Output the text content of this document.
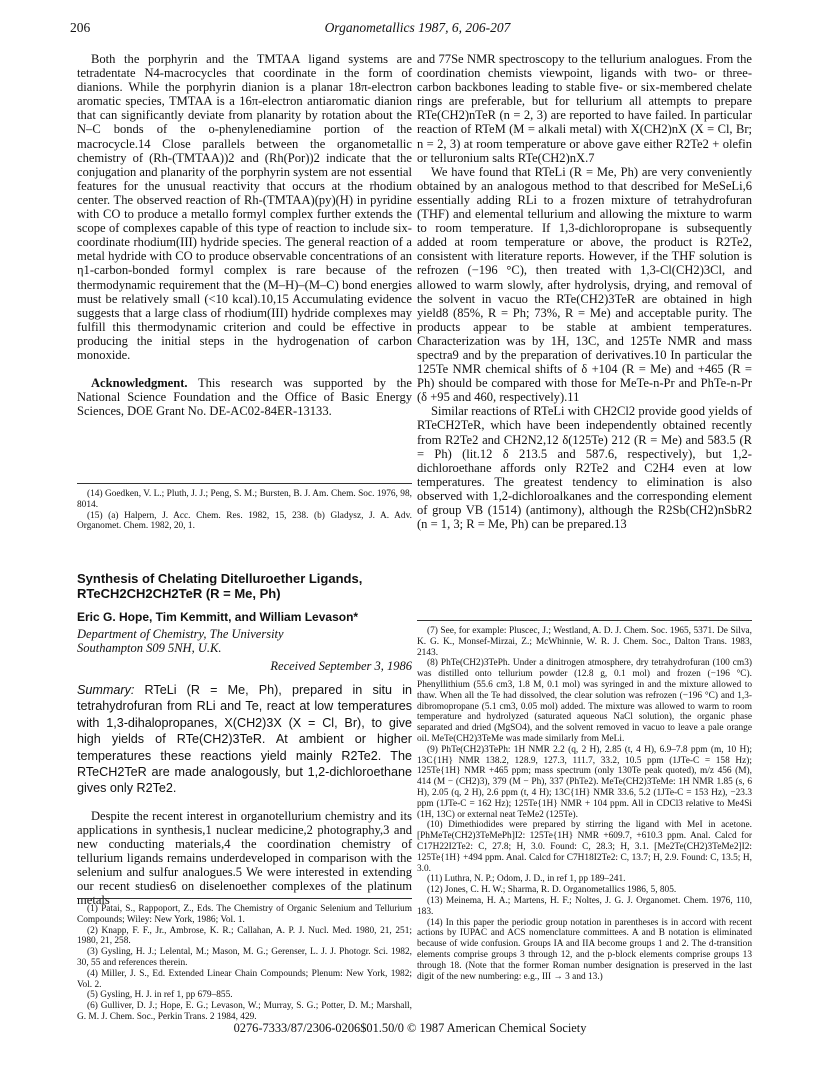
206	Organometallics 1987, 6, 206-207

Both the porphyrin and the TMTAA ligand systems are tetradentate N4-macrocycles that coordinate in the form of dianions. While the porphyrin dianion is a planar 18π-electron aromatic species, TMTAA is a 16π-electron antiaromatic dianion that can significantly deviate from planarity by rotation about the N–C bonds of the o-phenylenediamine portion of the macrocycle.14 Close parallels between the organometallic chemistry of (Rh-(TMTAA))2 and (Rh(Por))2 indicate that the conjugation and planarity of the porphyrin system are not essential features for the unusual reactivity that occurs at the rhodium center. The observed reaction of Rh-(TMTAA)(py)(H) in pyridine with CO to produce a metallo formyl complex further extends the scope of complexes capable of this type of reaction to include six-coordinate rhodium(III) hydride species. The general reaction of a metal hydride with CO to produce observable concentrations of an η1-carbon-bonded formyl complex is rare because of the thermodynamic requirement that the (M–H)–(M–C) bond energies must be relatively small (<10 kcal).10,15 Accumulating evidence suggests that a large class of rhodium(III) hydride complexes may fulfill this thermodynamic criterion and could be effective in producing the initial steps in the hydrogenation of carbon monoxide.

Acknowledgment. This research was supported by the National Science Foundation and the Office of Basic Energy Sciences, DOE Grant No. DE-AC02-84ER-13133.

(14) Goedken, V. L.; Pluth, J. J.; Peng, S. M.; Bursten, B. J. Am. Chem. Soc. 1976, 98, 8014.

(15) (a) Halpern, J. Acc. Chem. Res. 1982, 15, 238. (b) Gladysz, J. A. Adv. Organomet. Chem. 1982, 20, 1.

Synthesis of Chelating Ditelluroether Ligands, RTeCH2CH2CH2TeR (R = Me, Ph)

Eric G. Hope, Tim Kemmitt, and William Levason*

Department of Chemistry, The University

Southampton S09 5NH, U.K.

Received September 3, 1986

Summary: RTeLi (R = Me, Ph), prepared in situ in tetrahydrofuran from RLi and Te, react at low temperatures with 1,3-dihalopropanes, X(CH2)3X (X = Cl, Br), to give high yields of RTe(CH2)3TeR. At ambient or higher temperatures these reactions yield mainly R2Te2. The RTeCH2TeR are made analogously, but 1,2-dichloroethane gives only R2Te2.

Despite the recent interest in organotellurium chemistry and its applications in synthesis,1 nuclear medicine,2 photography,3 and new conducting materials,4 the coordination chemistry of tellurium ligands remains underdeveloped in comparison with the selenium and sulfur analogues.5 We were interested in extending our recent studies6 on diselenoether complexes of the platinum metals

(1) Patai, S., Rappoport, Z., Eds. The Chemistry of Organic Selenium and Tellurium Compounds; Wiley: New York, 1986; Vol. 1.

(2) Knapp, F. F., Jr., Ambrose, K. R.; Callahan, A. P. J. Nucl. Med. 1980, 21, 251; 1980, 21, 258.

(3) Gysling, H. J.; Lelental, M.; Mason, M. G.; Gerenser, L. J. J. Photogr. Sci. 1982, 30, 55 and references therein.

(4) Miller, J. S., Ed. Extended Linear Chain Compounds; Plenum: New York, 1982; Vol. 2.

(5) Gysling, H. J. in ref 1, pp 679–855.

(6) Gulliver, D. J.; Hope, E. G.; Levason, W.; Murray, S. G.; Potter, D. M.; Marshall, G. M. J. Chem. Soc., Perkin Trans. 2 1984, 429.

and 77Se NMR spectroscopy to the tellurium analogues. From the coordination chemists viewpoint, ligands with two- or three-carbon backbones leading to stable five- or six-membered chelate rings are preferable, but for tellurium all attempts to prepare RTe(CH2)nTeR (n = 2, 3) are reported to have failed. In particular reaction of RTeM (M = alkali metal) with X(CH2)nX (X = Cl, Br; n = 2, 3) at room temperature or above gave either R2Te2 + olefin or telluronium salts RTe(CH2)nX.7

We have found that RTeLi (R = Me, Ph) are very conveniently obtained by an analogous method to that described for MeSeLi,6 essentially adding RLi to a frozen mixture of tetrahydrofuran (THF) and elemental tellurium and allowing the mixture to warm to room temperature. If 1,3-dichloropropane is subsequently added at room temperature or above, the product is R2Te2, consistent with literature reports. However, if the THF solution is refrozen (−196 °C), then treated with 1,3-Cl(CH2)3Cl, and allowed to warm slowly, after hydrolysis, drying, and removal of the solvent in vacuo the RTe(CH2)3TeR are obtained in high yield8 (85%, R = Ph; 73%, R = Me) and acceptable purity. The products appear to be stable at ambient temperatures. Characterization was by 1H, 13C, and 125Te NMR and mass spectra9 and by the preparation of derivatives.10 In particular the 125Te NMR chemical shifts of δ +104 (R = Me) and +465 (R = Ph) should be compared with those for MeTe-n-Pr and PhTe-n-Pr (δ +95 and 460, respectively).11

Similar reactions of RTeLi with CH2Cl2 provide good yields of RTeCH2TeR, which have been independently obtained recently from R2Te2 and CH2N2,12 δ(125Te) 212 (R = Me) and 583.5 (R = Ph) (lit.12 δ 213.5 and 587.6, respectively), but 1,2-dichloroethane affords only R2Te2 and C2H4 even at low temperatures. The greatest tendency to elimination is also observed with 1,2-dichloroalkanes and the corresponding element of group VB (1514) (antimony), although the R2Sb(CH2)nSbR2 (n = 1, 3; R = Me, Ph) can be prepared.13

(7) See, for example: Pluscec, J.; Westland, A. D. J. Chem. Soc. 1965, 5371. De Silva, K. G. K., Monsef-Mirzai, Z.; McWhinnie, W. R. J. Chem. Soc., Dalton Trans. 1983, 2143.

(8) PhTe(CH2)3TePh. Under a dinitrogen atmosphere, dry tetrahydrofuran (100 cm3) was distilled onto tellurium powder (12.8 g, 0.1 mol) and frozen (−196 °C). Phenyllithium (55.6 cm3, 1.8 M, 0.1 mol) was syringed in and the mixture allowed to thaw. When all the Te had dissolved, the clear solution was refrozen (−196 °C) and 1,3-dibromopropane (5.1 cm3, 0.05 mol) added. The mixture was allowed to warm to room temperature and hydrolyzed (saturated aqueous NaCl solution), the organic phase separated and dried (MgSO4), and the solvent removed in vacuo to leave a pale orange oil. MeTe(CH2)3TeMe was made similarly from MeLi.

(9) PhTe(CH2)3TePh: 1H NMR 2.2 (q, 2 H), 2.85 (t, 4 H), 6.9–7.8 ppm (m, 10 H); 13C{1H} NMR 138.2, 128.9, 127.3, 111.7, 33.2, 10.5 ppm (1JTe-C = 158 Hz); 125Te{1H} NMR +465 ppm; mass spectrum (only 130Te peak quoted), m/z 456 (M), 414 (M − (CH2)3), 379 (M − Ph), 337 (PhTe2). MeTe(CH2)3TeMe: 1H NMR 1.85 (s, 6 H), 2.05 (q, 2 H), 2.6 ppm (t, 4 H); 13C{1H} NMR 33.6, 5.2 (1JTe-C = 153 Hz), −23.3 ppm (1JTe-C = 162 Hz); 125Te{1H} NMR + 104 ppm. All in CDCl3 relative to Me4Si (1H, 13C) or external neat TeMe2 (125Te).

(10) Dimethiodides were prepared by stirring the ligand with MeI in acetone. [PhMeTe(CH2)3TeMePh]I2: 125Te{1H} NMR +609.7, +610.3 ppm. Anal. Calcd for C17H22I2Te2: C, 27.8; H, 3.0. Found: C, 28.3; H, 3.1. [Me2Te(CH2)3TeMe2]I2: 125Te{1H} +494 ppm. Anal. Calcd for C7H18I2Te2: C, 13.7; H, 2.9. Found: C, 13.5; H, 3.0.

(11) Luthra, N. P.; Odom, J. D., in ref 1, pp 189–241.

(12) Jones, C. H. W.; Sharma, R. D. Organometallics 1986, 5, 805.

(13) Meinema, H. A.; Martens, H. F.; Noltes, J. G. J. Organomet. Chem. 1976, 110, 183.

(14) In this paper the periodic group notation in parentheses is in accord with recent actions by IUPAC and ACS nomenclature committees. A and B notation is eliminated because of wide confusion. Groups IA and IIA become groups 1 and 2. The d-transition elements comprise groups 3 through 12, and the p-block elements comprise groups 13 through 18. (Note that the former Roman number designation is preserved in the last digit of the new numbering: e.g., III → 3 and 13.)

0276-7333/87/2306-0206$01.50/0 © 1987 American Chemical Society
